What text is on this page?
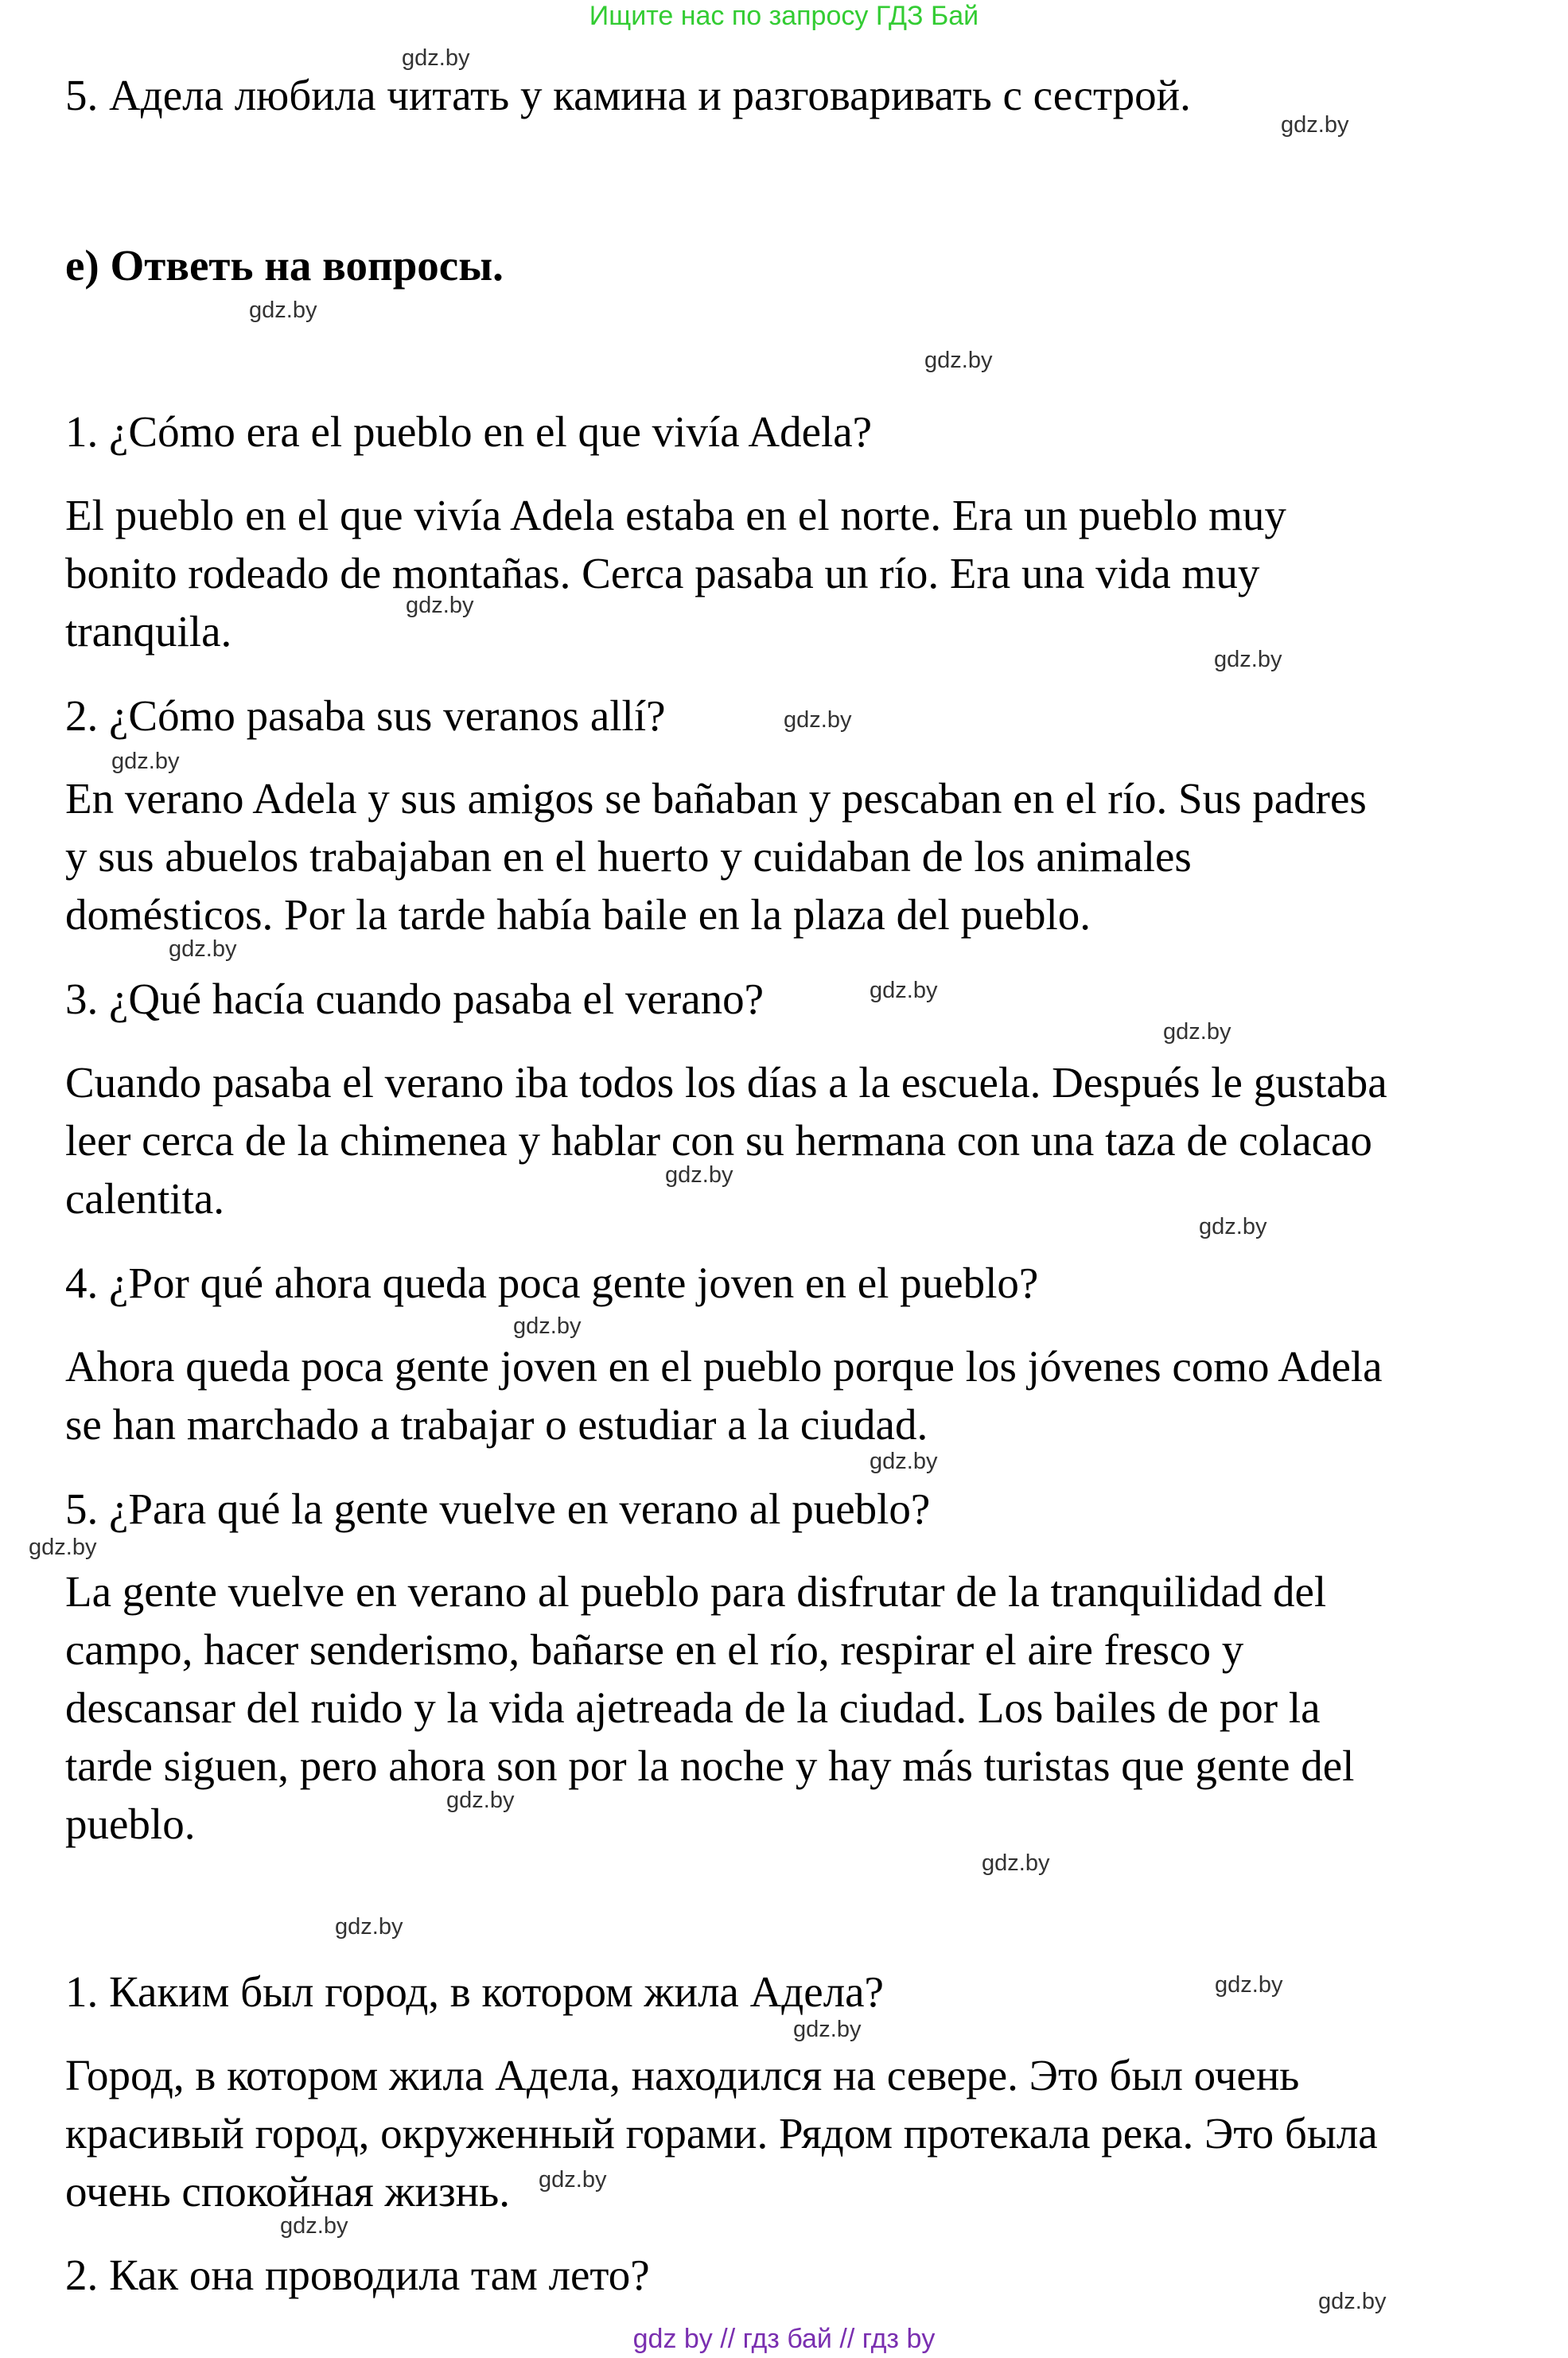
Ищите нас по запросу ГДЗ Бай
5. Адела любила читать у камина и разговаривать с сестрой.
e) Ответь на вопросы.
1. ¿Cómo era el pueblo en el que vivía Adela?
El pueblo en el que vivía Adela estaba en el norte. Era un pueblo muy
bonito rodeado de montañas. Cerca pasaba un río. Era una vida muy
tranquila.
2. ¿Cómo pasaba sus veranos allí?
En verano Adela y sus amigos se bañaban y pescaban en el río. Sus padres
y sus abuelos trabajaban en el huerto y cuidaban de los animales
domésticos. Por la tarde había baile en la plaza del pueblo.
3. ¿Qué hacía cuando pasaba el verano?
Cuando pasaba el verano iba todos los días a la escuela. Después le gustaba
leer cerca de la chimenea y hablar con su hermana con una taza de colacao
calentita.
4. ¿Por qué ahora queda poca gente joven en el pueblo?
Ahora queda poca gente joven en el pueblo porque los jóvenes como Adela
se han marchado a trabajar o estudiar a la ciudad.
5. ¿Para qué la gente vuelve en verano al pueblo?
La gente vuelve en verano al pueblo para disfrutar de la tranquilidad del
campo, hacer senderismo, bañarse en el río, respirar el aire fresco y
descansar del ruido y la vida ajetreada de la ciudad. Los bailes de por la
tarde siguen, pero ahora son por la noche y hay más turistas que gente del
pueblo.
1. Каким был город, в котором жила Адела?
Город, в котором жила Адела, находился на севере. Это был очень
красивый город, окруженный горами. Рядом протекала река. Это была
очень спокойная жизнь.
2. Как она проводила там лето?
gdz.by
gdz.by
gdz.by
gdz.by
gdz.by
gdz.by
gdz.by
gdz.by
gdz.by
gdz.by
gdz.by
gdz.by
gdz.by
gdz.by
gdz.by
gdz.by
gdz.by
gdz.by
gdz.by
gdz.by
gdz.by
gdz.by
gdz.by
gdz.by
gdz by // гдз бай // гдз by
